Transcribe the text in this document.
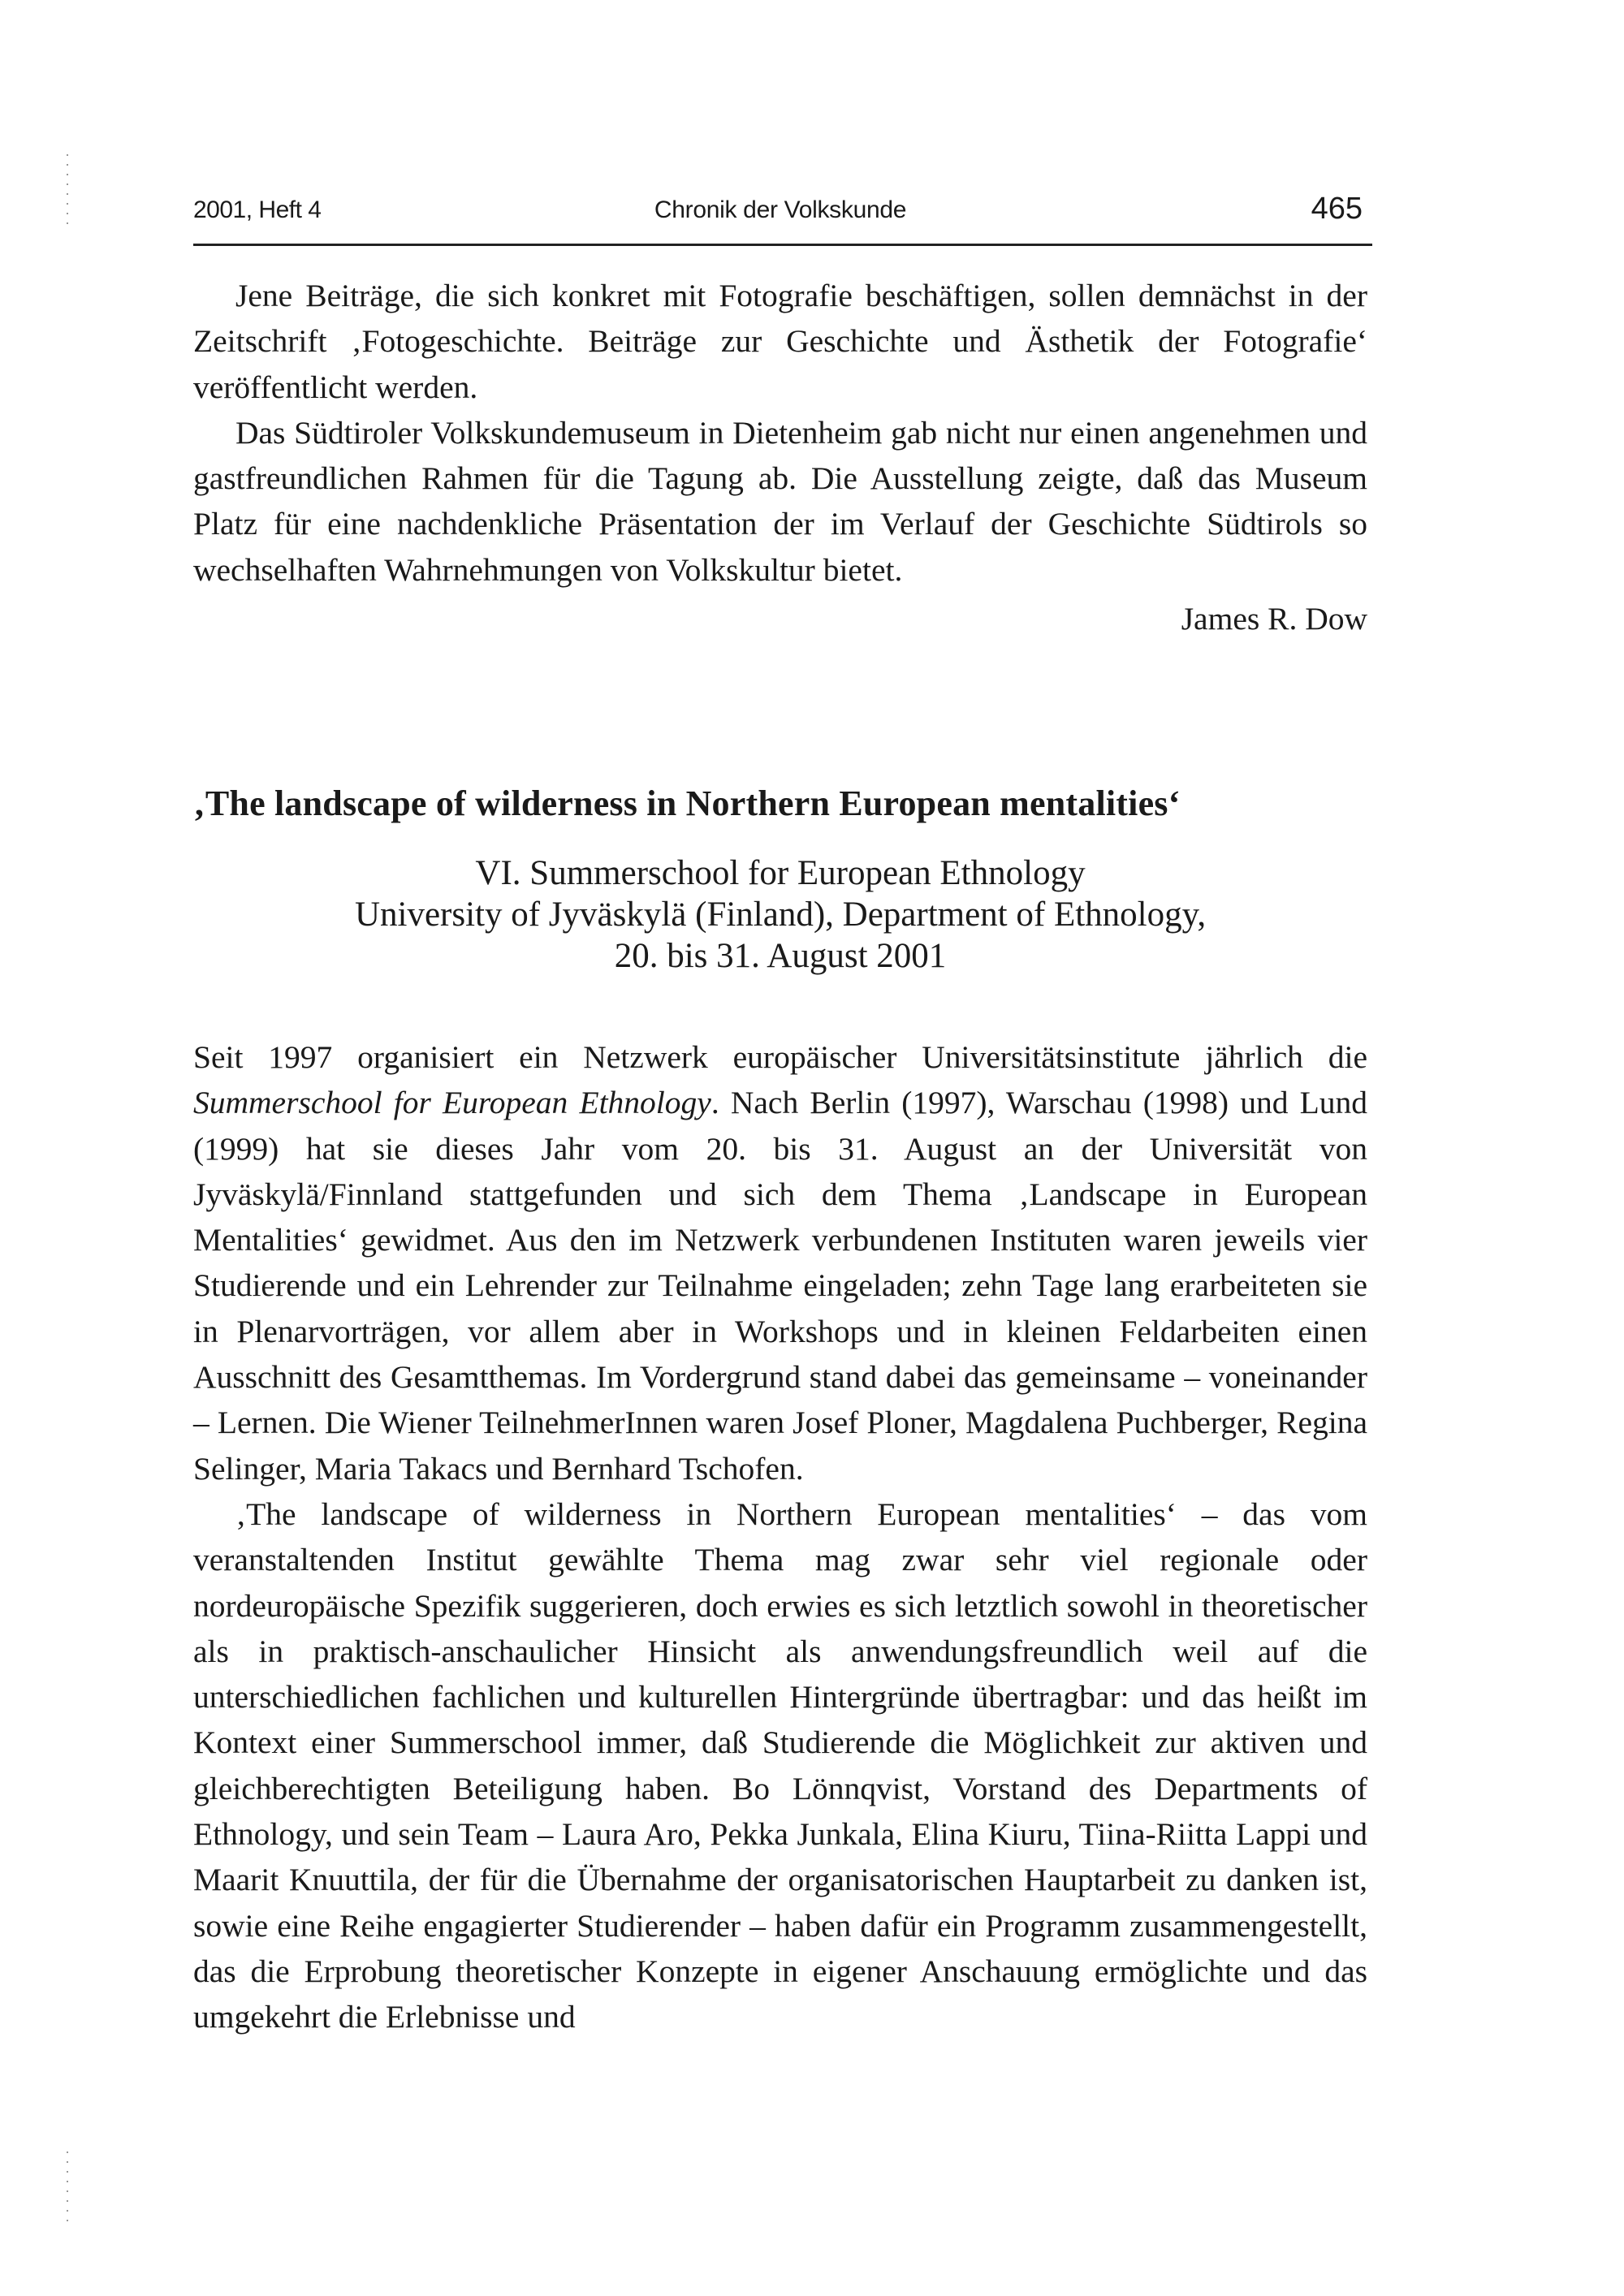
2001, Heft 4	Chronik der Volkskunde	465

Jene Beiträge, die sich konkret mit Fotografie beschäftigen, sollen demnächst in der Zeitschrift ‚Fotogeschichte. Beiträge zur Geschichte und Ästhetik der Fotografie‘ veröffentlicht werden.

Das Südtiroler Volkskundemuseum in Dietenheim gab nicht nur einen angenehmen und gastfreundlichen Rahmen für die Tagung ab. Die Ausstellung zeigte, daß das Museum Platz für eine nachdenkliche Präsentation der im Verlauf der Geschichte Südtirols so wechselhaften Wahrnehmungen von Volkskultur bietet.

James R. Dow
‚The landscape of wilderness in Northern European mentalities‘
VI. Summerschool for European Ethnology
University of Jyväskylä (Finland), Department of Ethnology,
20. bis 31. August 2001

Seit 1997 organisiert ein Netzwerk europäischer Universitätsinstitute jährlich die Summerschool for European Ethnology. Nach Berlin (1997), Warschau (1998) und Lund (1999) hat sie dieses Jahr vom 20. bis 31. August an der Universität von Jyväskylä/Finnland stattgefunden und sich dem Thema ‚Landscape in European Mentalities‘ gewidmet. Aus den im Netzwerk verbundenen Instituten waren jeweils vier Studierende und ein Lehrender zur Teilnahme eingeladen; zehn Tage lang erarbeiteten sie in Plenarvorträgen, vor allem aber in Workshops und in kleinen Feldarbeiten einen Ausschnitt des Gesamtthemas. Im Vordergrund stand dabei das gemeinsame – voneinander – Lernen. Die Wiener TeilnehmerInnen waren Josef Ploner, Magdalena Puchberger, Regina Selinger, Maria Takacs und Bernhard Tschofen.

‚The landscape of wilderness in Northern European mentalities‘ – das vom veranstaltenden Institut gewählte Thema mag zwar sehr viel regionale oder nordeuropäische Spezifik suggerieren, doch erwies es sich letztlich sowohl in theoretischer als in praktisch-anschaulicher Hinsicht als anwendungsfreundlich weil auf die unterschiedlichen fachlichen und kulturellen Hintergründe übertragbar: und das heißt im Kontext einer Summerschool immer, daß Studierende die Möglichkeit zur aktiven und gleichberechtigten Beteiligung haben. Bo Lönnqvist, Vorstand des Departments of Ethnology, und sein Team – Laura Aro, Pekka Junkala, Elina Kiuru, Tiina-Riitta Lappi und Maarit Knuuttila, der für die Übernahme der organisatorischen Hauptarbeit zu danken ist, sowie eine Reihe engagierter Studierender – haben dafür ein Programm zusammengestellt, das die Erprobung theoretischer Konzepte in eigener Anschauung ermöglichte und das umgekehrt die Erlebnisse und
